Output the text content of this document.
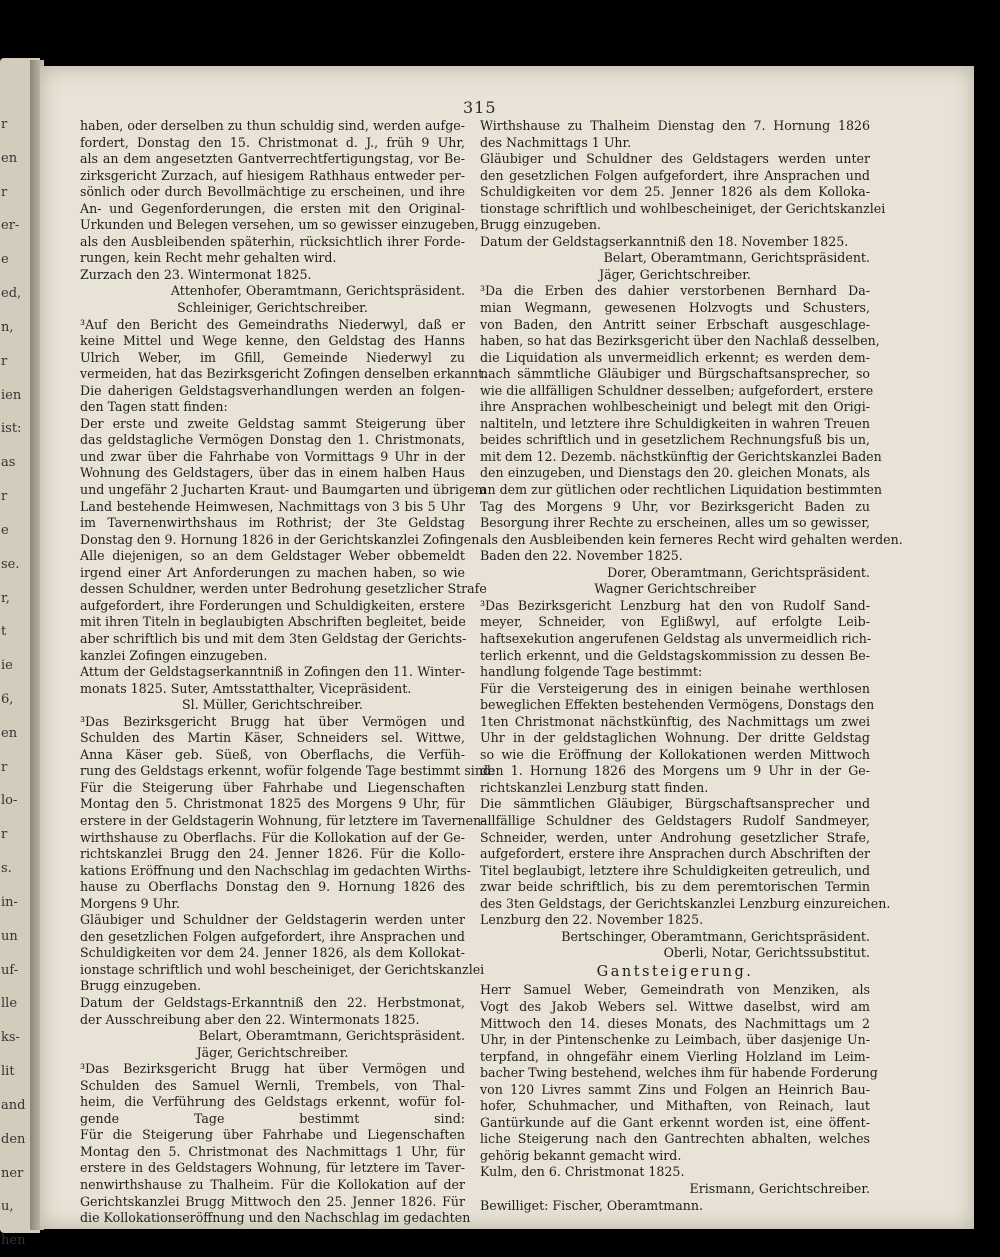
r
en
r
er-
e
ed,
n,
r
ien
ist:
as
r
e
se.
r,
t
ie
6,
en
r
lo-
r
s.
in-
un
uf-
lle
ks-
lit
and
den
ner
u,
hen
315

haben, oder derselben zu thun schuldig sind, werden aufge-
fordert, Donstag den 15. Christmonat d. J., früh 9 Uhr,
als an dem angesetzten Gantverrechtfertigungstag, vor Be-
zirksgericht Zurzach, auf hiesigem Rathhaus entweder per-
sönlich oder durch Bevollmächtige zu erscheinen, und ihre
An- und Gegenforderungen, die ersten mit den Original-
Urkunden und Belegen versehen, um so gewisser einzugeben,
als den Ausbleibenden späterhin, rücksichtlich ihrer Forde-
rungen, kein Recht mehr gehalten wird.

Zurzach den 23. Wintermonat 1825.
Attenhofer, Oberamtmann, Gerichtspräsident.
Schleiniger, Gerichtschreiber.

³Auf den Bericht des Gemeindraths Niederwyl, daß er
keine Mittel und Wege kenne, den Geldstag des Hanns
Ulrich Weber, im Gfill, Gemeinde Niederwyl zu
vermeiden, hat das Bezirksgericht Zofingen denselben erkannt.
Die daherigen Geldstagsverhandlungen werden an folgen-
den Tagen statt finden:

Der erste und zweite Geldstag sammt Steigerung über
das geldstagliche Vermögen Donstag den 1. Christmonats,
und zwar über die Fahrhabe von Vormittags 9 Uhr in der
Wohnung des Geldstagers, über das in einem halben Haus
und ungefähr 2 Jucharten Kraut- und Baumgarten und übrigem
Land bestehende Heimwesen, Nachmittags von 3 bis 5 Uhr
im Tavernenwirthshaus im Rothrist; der 3te Geldstag
Donstag den 9. Hornung 1826 in der Gerichtskanzlei Zofingen.
Alle diejenigen, so an dem Geldstager Weber obbemeldt
irgend einer Art Anforderungen zu machen haben, so wie
dessen Schuldner, werden unter Bedrohung gesetzlicher Strafe
aufgefordert, ihre Forderungen und Schuldigkeiten, erstere
mit ihren Titeln in beglaubigten Abschriften begleitet, beide
aber schriftlich bis und mit dem 3ten Geldstag der Gerichts-
kanzlei Zofingen einzugeben.

Attum der Geldstagserkanntniß in Zofingen den 11. Winter-
monats 1825. Suter, Amtsstatthalter, Vicepräsident.

Sl. Müller, Gerichtschreiber.

³Das Bezirksgericht Brugg hat über Vermögen und
Schulden des Martin Käser, Schneiders sel. Wittwe,
Anna Käser geb. Süeß, von Oberflachs, die Verfüh-
rung des Geldstags erkennt, wofür folgende Tage bestimmt sind:
Für die Steigerung über Fahrhabe und Liegenschaften
Montag den 5. Christmonat 1825 des Morgens 9 Uhr, für
erstere in der Geldstagerin Wohnung, für letztere im Tavernen-
wirthshause zu Oberflachs. Für die Kollokation auf der Ge-
richtskanzlei Brugg den 24. Jenner 1826. Für die Kollo-
kations Eröffnung und den Nachschlag im gedachten Wirths-
hause zu Oberflachs Donstag den 9. Hornung 1826 des
Morgens 9 Uhr.

Gläubiger und Schuldner der Geldstagerin werden unter
den gesetzlichen Folgen aufgefordert, ihre Ansprachen und
Schuldigkeiten vor dem 24. Jenner 1826, als dem Kollokat-
ionstage schriftlich und wohl bescheiniget, der Gerichtskanzlei
Brugg einzugeben.

Datum der Geldstags-Erkanntniß den 22. Herbstmonat,
der Ausschreibung aber den 22. Wintermonats 1825.

Belart, Oberamtmann, Gerichtspräsident.
Jäger, Gerichtschreiber.

³Das Bezirksgericht Brugg hat über Vermögen und
Schulden des Samuel Wernli, Trembels, von Thal-
heim, die Verführung des Geldstags erkennt, wofür fol-
gende Tage bestimmt sind:
Für die Steigerung über Fahrhabe und Liegenschaften
Montag den 5. Christmonat des Nachmittags 1 Uhr, für
erstere in des Geldstagers Wohnung, für letztere im Taver-
nenwirthshause zu Thalheim. Für die Kollokation auf der
Gerichtskanzlei Brugg Mittwoch den 25. Jenner 1826. Für
die Kollokationseröffnung und den Nachschlag im gedachten

Wirthshause zu Thalheim Dienstag den 7. Hornung 1826
des Nachmittags 1 Uhr.

Gläubiger und Schuldner des Geldstagers werden unter
den gesetzlichen Folgen aufgefordert, ihre Ansprachen und
Schuldigkeiten vor dem 25. Jenner 1826 als dem Kolloka-
tionstage schriftlich und wohlbescheiniget, der Gerichtskanzlei
Brugg einzugeben.

Datum der Geldstagserkanntniß den 18. November 1825.
Belart, Oberamtmann, Gerichtspräsident.
Jäger, Gerichtschreiber.

³Da die Erben des dahier verstorbenen Bernhard Da-
mian Wegmann, gewesenen Holzvogts und Schusters,
von Baden, den Antritt seiner Erbschaft ausgeschlage-
haben, so hat das Bezirksgericht über den Nachlaß desselben,
die Liquidation als unvermeidlich erkennt; es werden dem-
nach sämmtliche Gläubiger und Bürgschaftsansprecher, so
wie die allfälligen Schuldner desselben; aufgefordert, erstere
ihre Ansprachen wohlbescheinigt und belegt mit den Origi-
naltiteln, und letztere ihre Schuldigkeiten in wahren Treuen
beides schriftlich und in gesetzlichem Rechnungsfuß bis un,
mit dem 12. Dezemb. nächstkünftig der Gerichtskanzlei Baden
den einzugeben, und Dienstags den 20. gleichen Monats, als
an dem zur gütlichen oder rechtlichen Liquidation bestimmten
Tag des Morgens 9 Uhr, vor Bezirksgericht Baden zu
Besorgung ihrer Rechte zu erscheinen, alles um so gewisser,
als den Ausbleibenden kein ferneres Recht wird gehalten werden.

Baden den 22. November 1825.
Dorer, Oberamtmann, Gerichtspräsident.
Wagner Gerichtschreiber

³Das Bezirksgericht Lenzburg hat den von Rudolf Sand-
meyer, Schneider, von Eglißwyl, auf erfolgte Leib-
haftsexekution angerufenen Geldstag als unvermeidlich rich-
terlich erkennt, und die Geldstagskommission zu dessen Be-
handlung folgende Tage bestimmt:

Für die Versteigerung des in einigen beinahe werthlosen
beweglichen Effekten bestehenden Vermögens, Donstags den
1ten Christmonat nächstkünftig, des Nachmittags um zwei
Uhr in der geldstaglichen Wohnung. Der dritte Geldstag
so wie die Eröffnung der Kollokationen werden Mittwoch
den 1. Hornung 1826 des Morgens um 9 Uhr in der Ge-
richtskanzlei Lenzburg statt finden.

Die sämmtlichen Gläubiger, Bürgschaftsansprecher und
allfällige Schuldner des Geldstagers Rudolf Sandmeyer,
Schneider, werden, unter Androhung gesetzlicher Strafe,
aufgefordert, erstere ihre Ansprachen durch Abschriften der
Titel beglaubigt, letztere ihre Schuldigkeiten getreulich, und
zwar beide schriftlich, bis zu dem peremtorischen Termin
des 3ten Geldstags, der Gerichtskanzlei Lenzburg einzureichen.

Lenzburg den 22. November 1825.
Bertschinger, Oberamtmann, Gerichtspräsident.
Oberli, Notar, Gerichtssubstitut.
Gantsteigerung.

Herr Samuel Weber, Gemeindrath von Menziken, als
Vogt des Jakob Webers sel. Wittwe daselbst, wird am
Mittwoch den 14. dieses Monats, des Nachmittags um 2
Uhr, in der Pintenschenke zu Leimbach, über dasjenige Un-
terpfand, in ohngefähr einem Vierling Holzland im Leim-
bacher Twing bestehend, welches ihm für habende Forderung
von 120 Livres sammt Zins und Folgen an Heinrich Bau-
hofer, Schuhmacher, und Mithaften, von Reinach, laut
Gantürkunde auf die Gant erkennt worden ist, eine öffent-
liche Steigerung nach den Gantrechten abhalten, welches
gehörig bekannt gemacht wird.

Kulm, den 6. Christmonat 1825.
Erismann, Gerichtschreiber.
Bewilliget: Fischer, Oberamtmann.
